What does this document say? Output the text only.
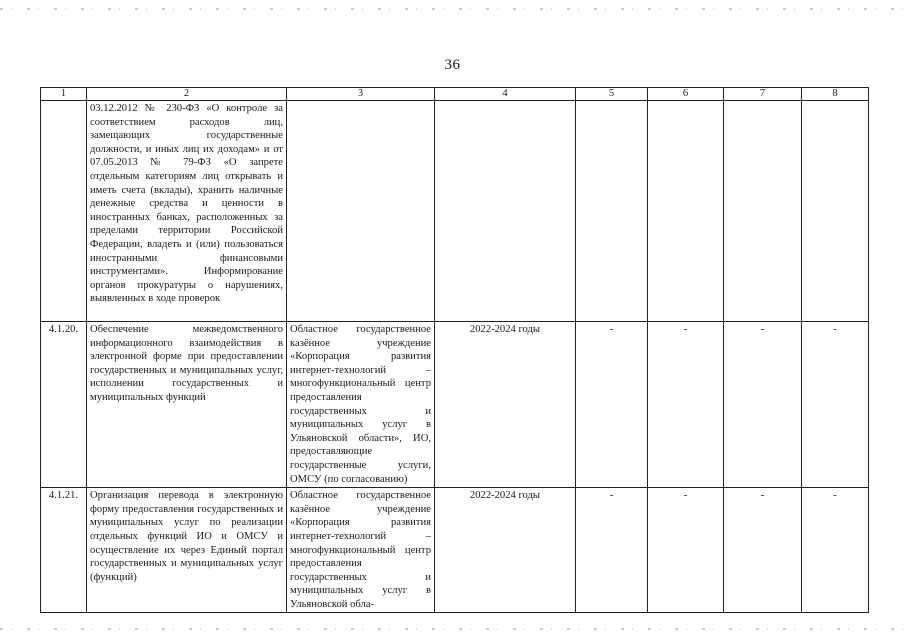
36
1	2	3	4	5	6	7	8
	03.12.2012 № 230-ФЗ «О контроле за соответствием расходов лиц, замещающих государственные должности, и иных лиц их доходам» и от 07.05.2013 № 79-ФЗ «О запрете отдельным категориям лиц открывать и иметь счета (вклады), хранить наличные денежные средства и ценности в иностранных банках, расположенных за пределами территории Российской Федерации, владеть и (или) пользоваться иностранными финансовыми инструментами». Информирование органов прокуратуры о нарушениях, выявленных в ходе проверок						
4.1.20.	Обеспечение межведомственного информационного взаимодействия в электронной форме при предоставлении государственных и муниципальных услуг, исполнении государственных и муниципальных функций	Областное государственное казённое учреждение «Корпорация развития интернет-технологий – многофункциональный центр предоставления государственных и муниципальных услуг в Ульяновской области», ИО, предоставляющие государственные услуги, ОМСУ (по согласованию)	2022-2024 годы	-	-	-	-
4.1.21.	Организация перевода в электронную форму предоставления государственных и муниципальных услуг по реализации отдельных функций ИО и ОМСУ и осуществление их через Единый портал государственных и муниципальных услуг (функций)	Областное государственное казённое учреждение «Корпорация развития интернет-технологий – многофункциональный центр предоставления государственных и муниципальных услуг в Ульяновской обла-	2022-2024 годы	-	-	-	-
